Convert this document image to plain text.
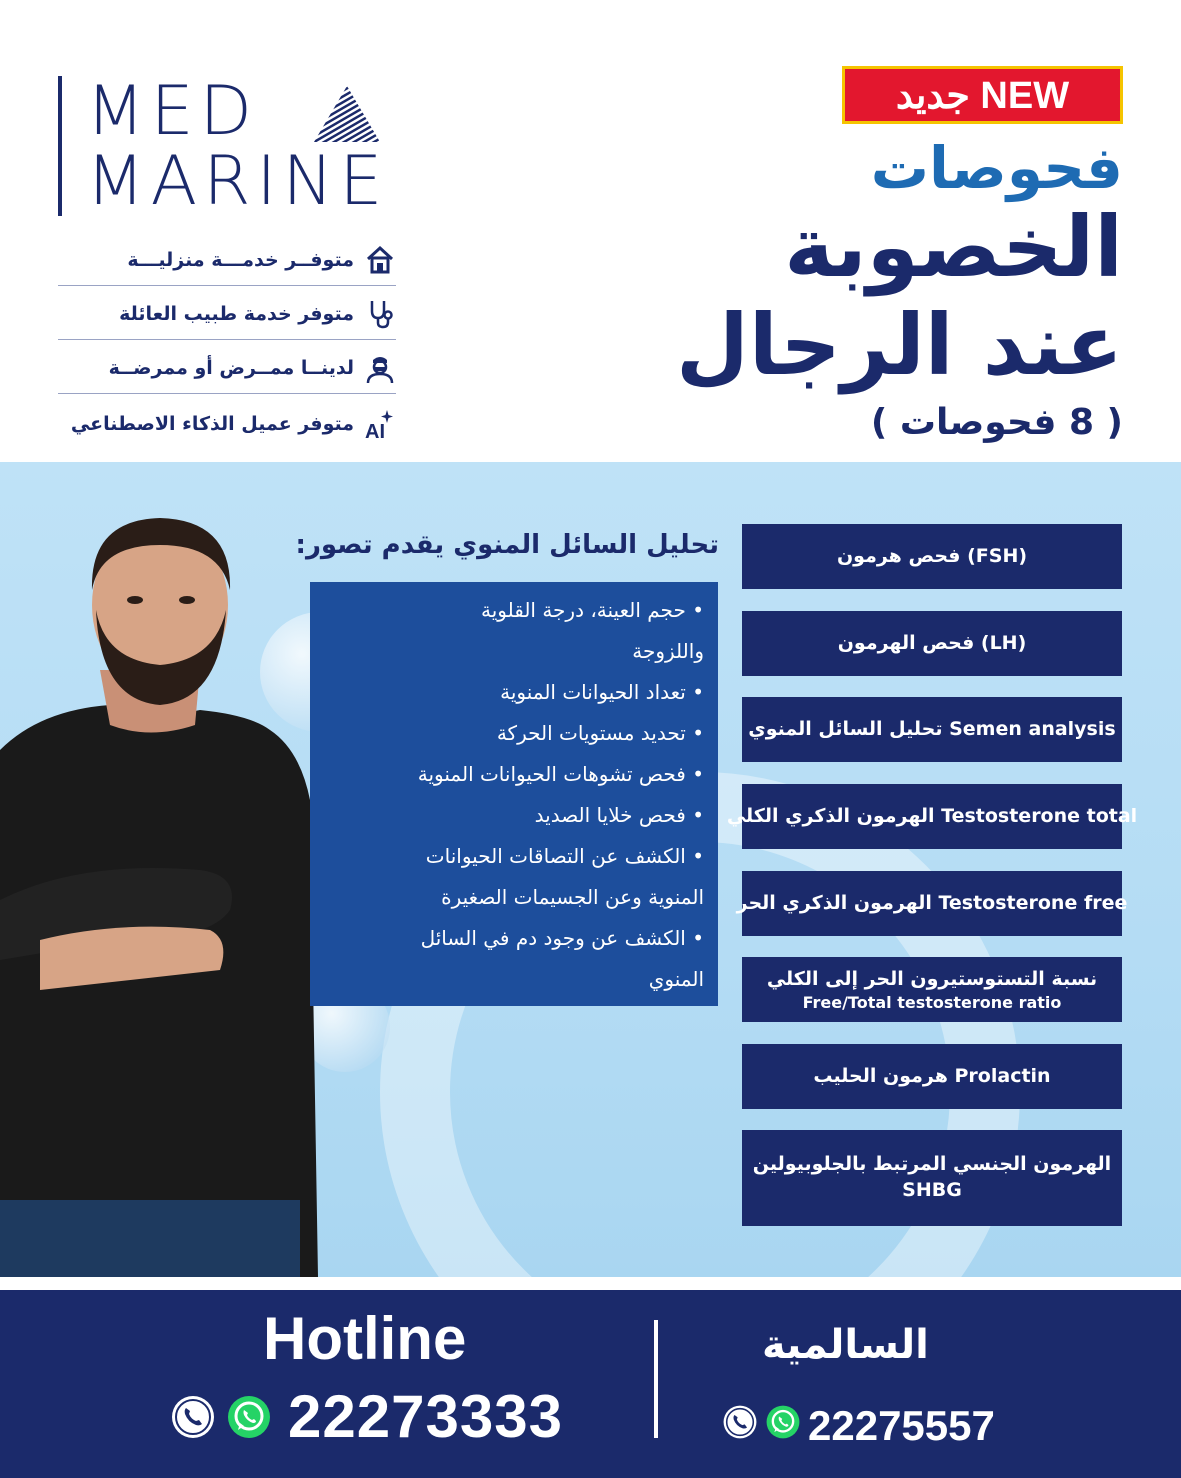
MED
MARINE
متوفــر خدمـــة منزليـــة
متوفر خدمة طبيب العائلة
لدينــا ممــرض أو ممرضــة
متوفر عميل الذكاء الاصطناعي AI
جديد NEW
فحوصات
الخصوبة
عند الرجال
( 8 فحوصات )
تحليل السائل المنوي يقدم تصور:
• حجم العينة، درجة القلوية
واللزوجة
• تعداد الحيوانات المنوية
• تحديد مستويات الحركة
• فحص تشوهات الحيوانات المنوية
• فحص خلايا الصديد
• الكشف عن التصاقات الحيوانات
المنوية وعن الجسيمات الصغيرة
• الكشف عن وجود دم في السائل
المنوي
فحص هرمون (FSH)
فحص الهرمون (LH)
تحليل السائل المنوي Semen analysis
الهرمون الذكري الكلي Testosterone total
الهرمون الذكري الحر Testosterone free
نسبة التستوستيرون الحر إلى الكلي
Free/Total testosterone ratio
هرمون الحليب Prolactin
الهرمون الجنسي المرتبط بالجلوبيولين
SHBG
Hotline
22273333
السالمية
22275557
